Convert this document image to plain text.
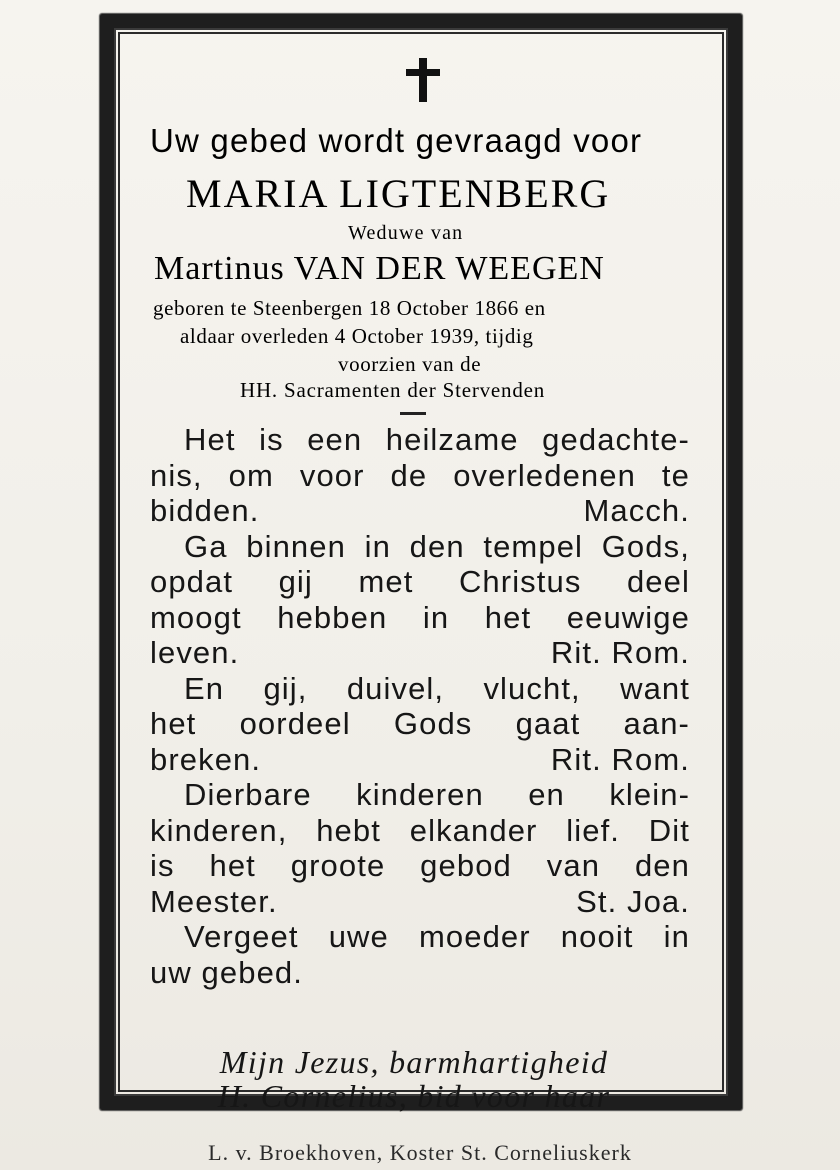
Uw gebed wordt gevraagd voor

MARIA LIGTENBERG

Weduwe van

Martinus VAN DER WEEGEN

geboren te Steenbergen 18 October 1866 en

aldaar overleden 4 October 1939, tijdig

voorzien van de

HH. Sacramenten der Stervenden

Het is een heilzame gedachte-
nis, om voor de overledenen te
bidden.	Macch.
Ga binnen in den tempel Gods,
opdat gij met Christus deel
moogt hebben in het eeuwige
leven.	Rit. Rom.
En gij, duivel, vlucht, want
het oordeel Gods gaat aan-
breken.	Rit. Rom.
Dierbare kinderen en klein-
kinderen, hebt elkander lief. Dit
is het groote gebod van den
Meester.	St. Joa.
Vergeet uwe moeder nooit in
uw gebed.

Mijn Jezus, barmhartigheid

H. Cornelius, bid voor haar

L. v. Broekhoven, Koster St. Corneliuskerk
